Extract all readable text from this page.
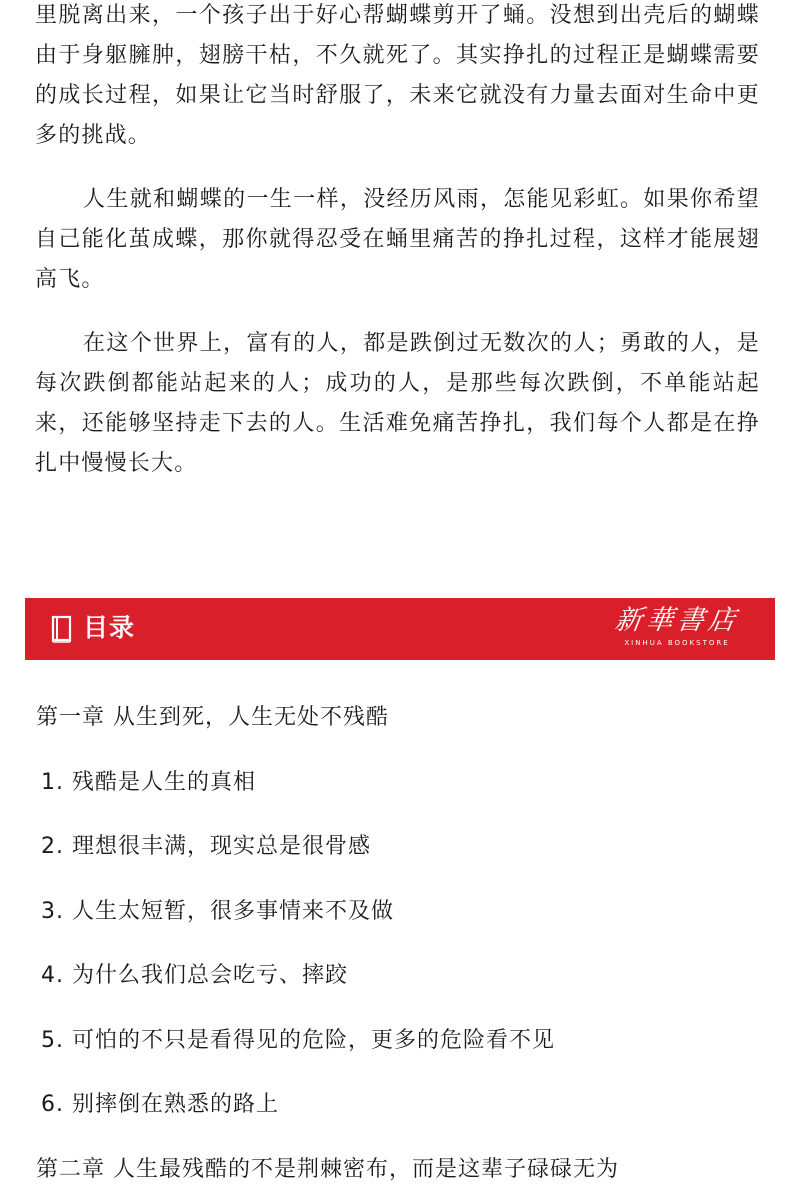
里脱离出来，一个孩子出于好心帮蝴蝶剪开了蛹。没想到出壳后的蝴蝶由于身躯臃肿，翅膀干枯，不久就死了。其实挣扎的过程正是蝴蝶需要的成长过程，如果让它当时舒服了，未来它就没有力量去面对生命中更多的挑战。

人生就和蝴蝶的一生一样，没经历风雨，怎能见彩虹。如果你希望自己能化茧成蝶，那你就得忍受在蛹里痛苦的挣扎过程，这样才能展翅高飞。

在这个世界上，富有的人，都是跌倒过无数次的人；勇敢的人，是每次跌倒都能站起来的人；成功的人，是那些每次跌倒，不单能站起来，还能够坚持走下去的人。生活难免痛苦挣扎，我们每个人都是在挣扎中慢慢长大。

目录	新華書店
XINHUA BOOKSTORE
第一章 从生到死，人生无处不残酷
1. 残酷是人生的真相
2. 理想很丰满，现实总是很骨感
3. 人生太短暂，很多事情来不及做
4. 为什么我们总会吃亏、摔跤
5. 可怕的不只是看得见的危险，更多的危险看不见
6. 别摔倒在熟悉的路上
第二章 人生最残酷的不是荆棘密布，而是这辈子碌碌无为
